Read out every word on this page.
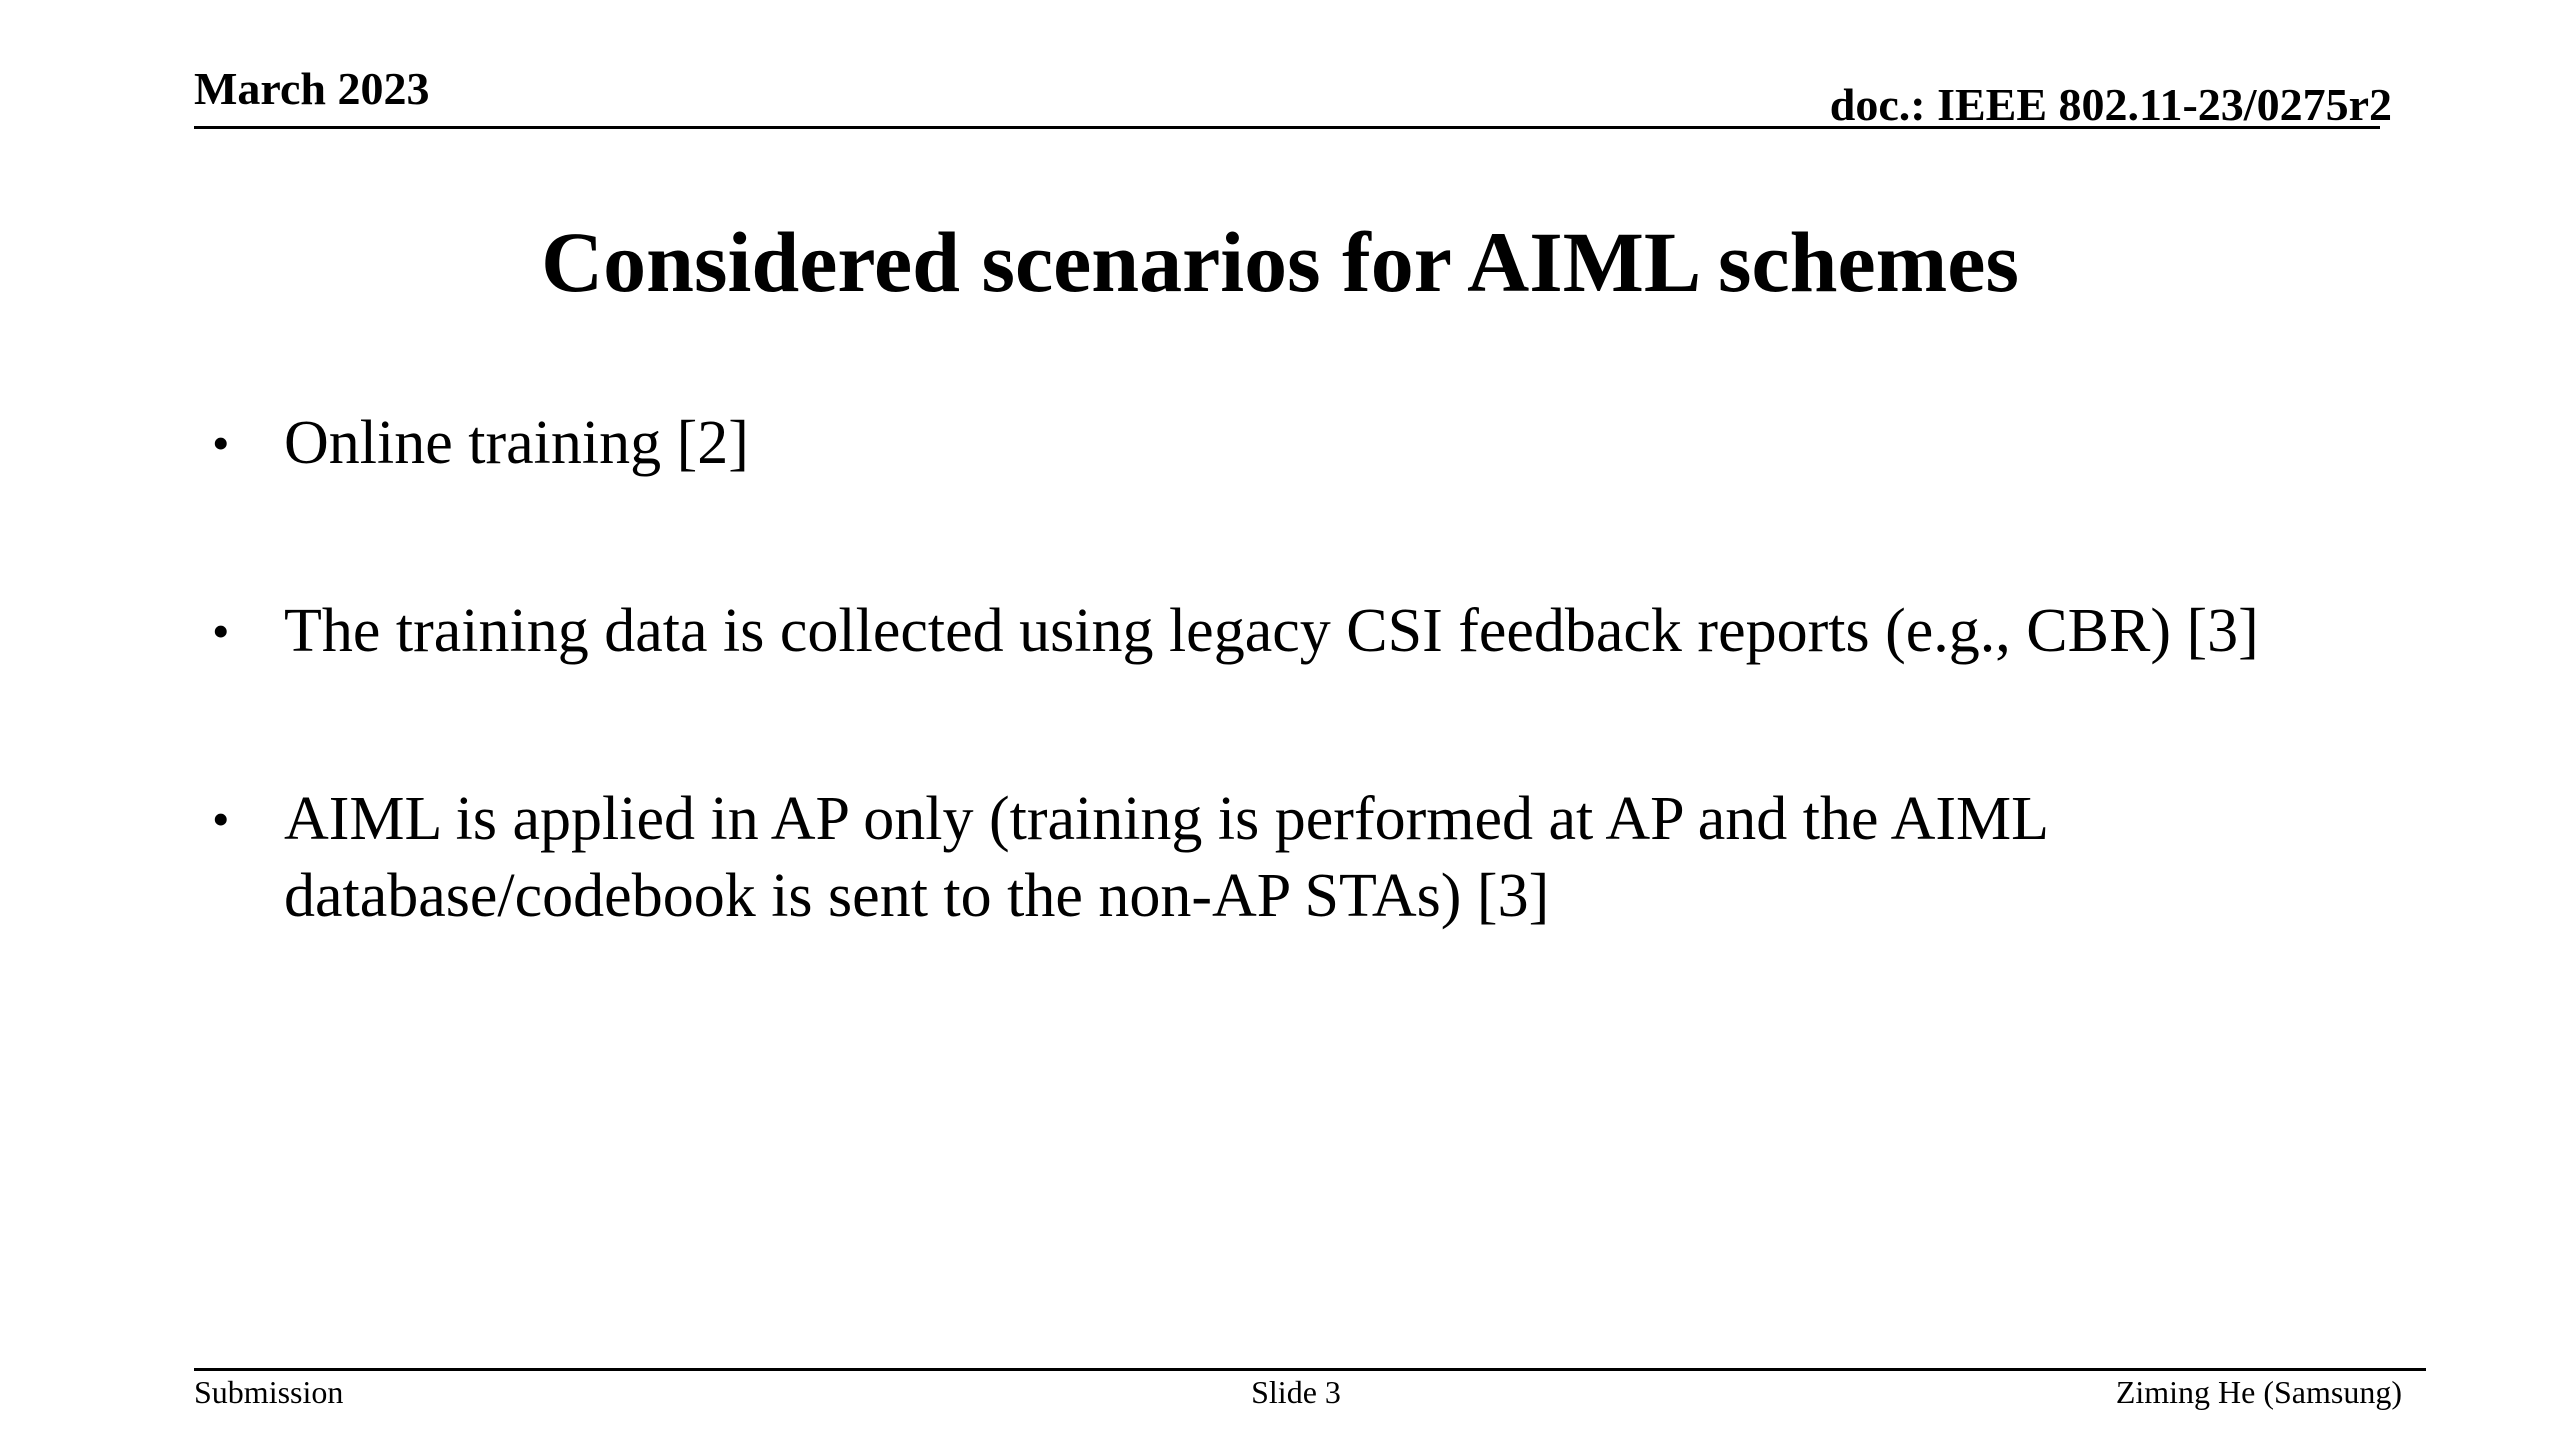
March 2023	doc.: IEEE 802.11-23/0275r2
Considered scenarios for AIML schemes
• Online training [2]
• The training data is collected using legacy CSI feedback reports (e.g., CBR) [3]
• AIML is applied in AP only (training is performed at AP and the AIML database/codebook is sent to the non-AP STAs) [3]
Submission	Slide 3	Ziming He (Samsung)
